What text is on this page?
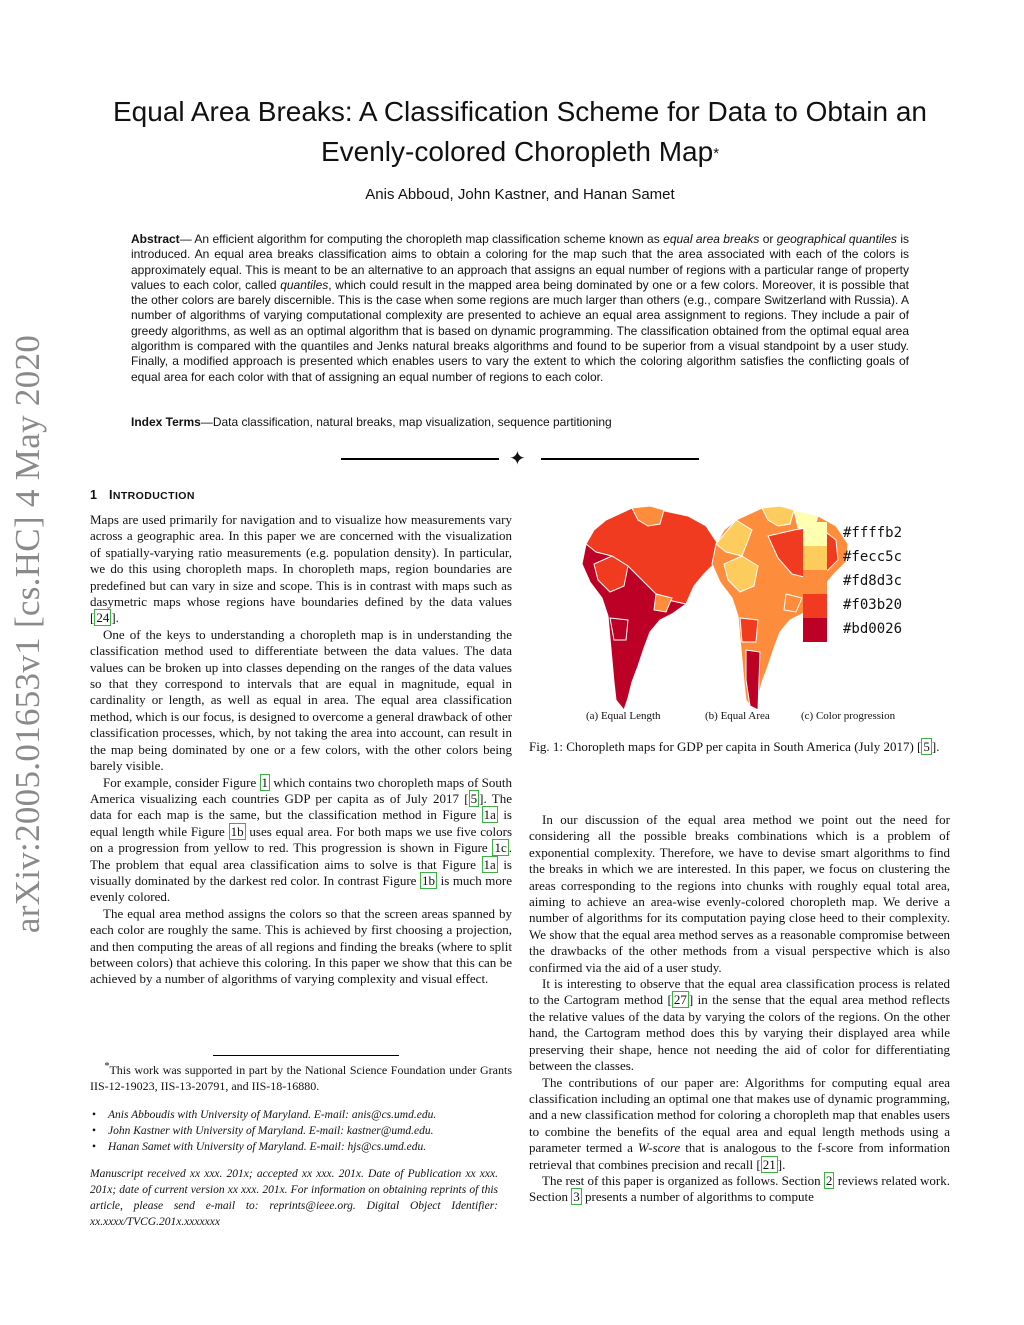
arXiv:2005.01653v1 [cs.HC] 4 May 2020
Equal Area Breaks: A Classification Scheme for Data to Obtain an
Evenly-colored Choropleth Map*
Anis Abboud, John Kastner, and Hanan Samet
Abstract— An efficient algorithm for computing the choropleth map classification scheme known as equal area breaks or geographical quantiles is introduced. An equal area breaks classification aims to obtain a coloring for the map such that the area associated with each of the colors is approximately equal. This is meant to be an alternative to an approach that assigns an equal number of regions with a particular range of property values to each color, called quantiles, which could result in the mapped area being dominated by one or a few colors. Moreover, it is possible that the other colors are barely discernible. This is the case when some regions are much larger than others (e.g., compare Switzerland with Russia). A number of algorithms of varying computational complexity are presented to achieve an equal area assignment to regions. They include a pair of greedy algorithms, as well as an optimal algorithm that is based on dynamic programming. The classification obtained from the optimal equal area algorithm is compared with the quantiles and Jenks natural breaks algorithms and found to be superior from a visual standpoint by a user study. Finally, a modified approach is presented which enables users to vary the extent to which the coloring algorithm satisfies the conflicting goals of equal area for each color with that of assigning an equal number of regions to each color.
Index Terms—Data classification, natural breaks, map visualization, sequence partitioning
✦
1 INTRODUCTION

Maps are used primarily for navigation and to visualize how measurements vary across a geographic area. In this paper we are concerned with the visualization of spatially-varying ratio measurements (e.g. population density). In particular, we do this using choropleth maps. In choropleth maps, region boundaries are predefined but can vary in size and scope. This is in contrast with maps such as dasymetric maps whose regions have boundaries defined by the data values [ 24 ].

One of the keys to understanding a choropleth map is in understanding the classification method used to differentiate between the data values. The data values can be broken up into classes depending on the ranges of the data values so that they correspond to intervals that are equal in magnitude, equal in cardinality or length, as well as equal in area. The equal area classification method, which is our focus, is designed to overcome a general drawback of other classification processes, which, by not taking the area into account, can result in the map being dominated by one or a few colors, with the other colors being barely visible.

For example, consider Figure 1 which contains two choropleth maps of South America visualizing each countries GDP per capita as of July 2017 [ 5 ]. The data for each map is the same, but the classification method in Figure 1a is equal length while Figure 1b uses equal area. For both maps we use five colors on a progression from yellow to red. This progression is shown in Figure 1c . The problem that equal area classification aims to solve is that Figure 1a is visually dominated by the darkest red color. In contrast Figure 1b is much more evenly colored.

The equal area method assigns the colors so that the screen areas spanned by each color are roughly the same. This is achieved by first choosing a projection, and then computing the areas of all regions and finding the breaks (where to split between colors) that achieve this coloring. In this paper we show that this can be achieved by a number of algorithms of varying complexity and visual effect.

*This work was supported in part by the National Science Foundation under Grants IIS-12-19023, IIS-13-20791, and IIS-18-16880.
• Anis Abboudis with University of Maryland. E-mail: anis@cs.umd.edu.
• John Kastner with University of Maryland. E-mail: kastner@umd.edu.
• Hanan Samet with University of Maryland. E-mail: hjs@cs.umd.edu.
Manuscript received xx xxx. 201x; accepted xx xxx. 201x. Date of Publication xx xxx. 201x; date of current version xx xxx. 201x. For information on obtaining reprints of this article, please send e-mail to: reprints@ieee.org. Digital Object Identifier: xx.xxxx/TVCG.201x.xxxxxxx
#ffffb2
#fecc5c
#fd8d3c
#f03b20
#bd0026
(a) Equal Length	(b) Equal Area	(c) Color progression
Fig. 1: Choropleth maps for GDP per capita in South America (July 2017) [ 5 ].

In our discussion of the equal area method we point out the need for considering all the possible breaks combinations which is a problem of exponential complexity. Therefore, we have to devise smart algorithms to find the breaks in which we are interested. In this paper, we focus on clustering the areas corresponding to the regions into chunks with roughly equal total area, aiming to achieve an area-wise evenly-colored choropleth map. We derive a number of algorithms for its computation paying close heed to their complexity. We show that the equal area method serves as a reasonable compromise between the drawbacks of the other methods from a visual perspective which is also confirmed via the aid of a user study.

It is interesting to observe that the equal area classification process is related to the Cartogram method [ 27 ] in the sense that the equal area method reflects the relative values of the data by varying the colors of the regions. On the other hand, the Cartogram method does this by varying their displayed area while preserving their shape, hence not needing the aid of color for differentiating between the classes.

The contributions of our paper are: Algorithms for computing equal area classification including an optimal one that makes use of dynamic programming, and a new classification method for coloring a choropleth map that enables users to combine the benefits of the equal area and equal length methods using a parameter termed a W-score that is analogous to the f-score from information retrieval that combines precision and recall [ 21 ].

The rest of this paper is organized as follows. Section 2 reviews related work. Section 3 presents a number of algorithms to compute
